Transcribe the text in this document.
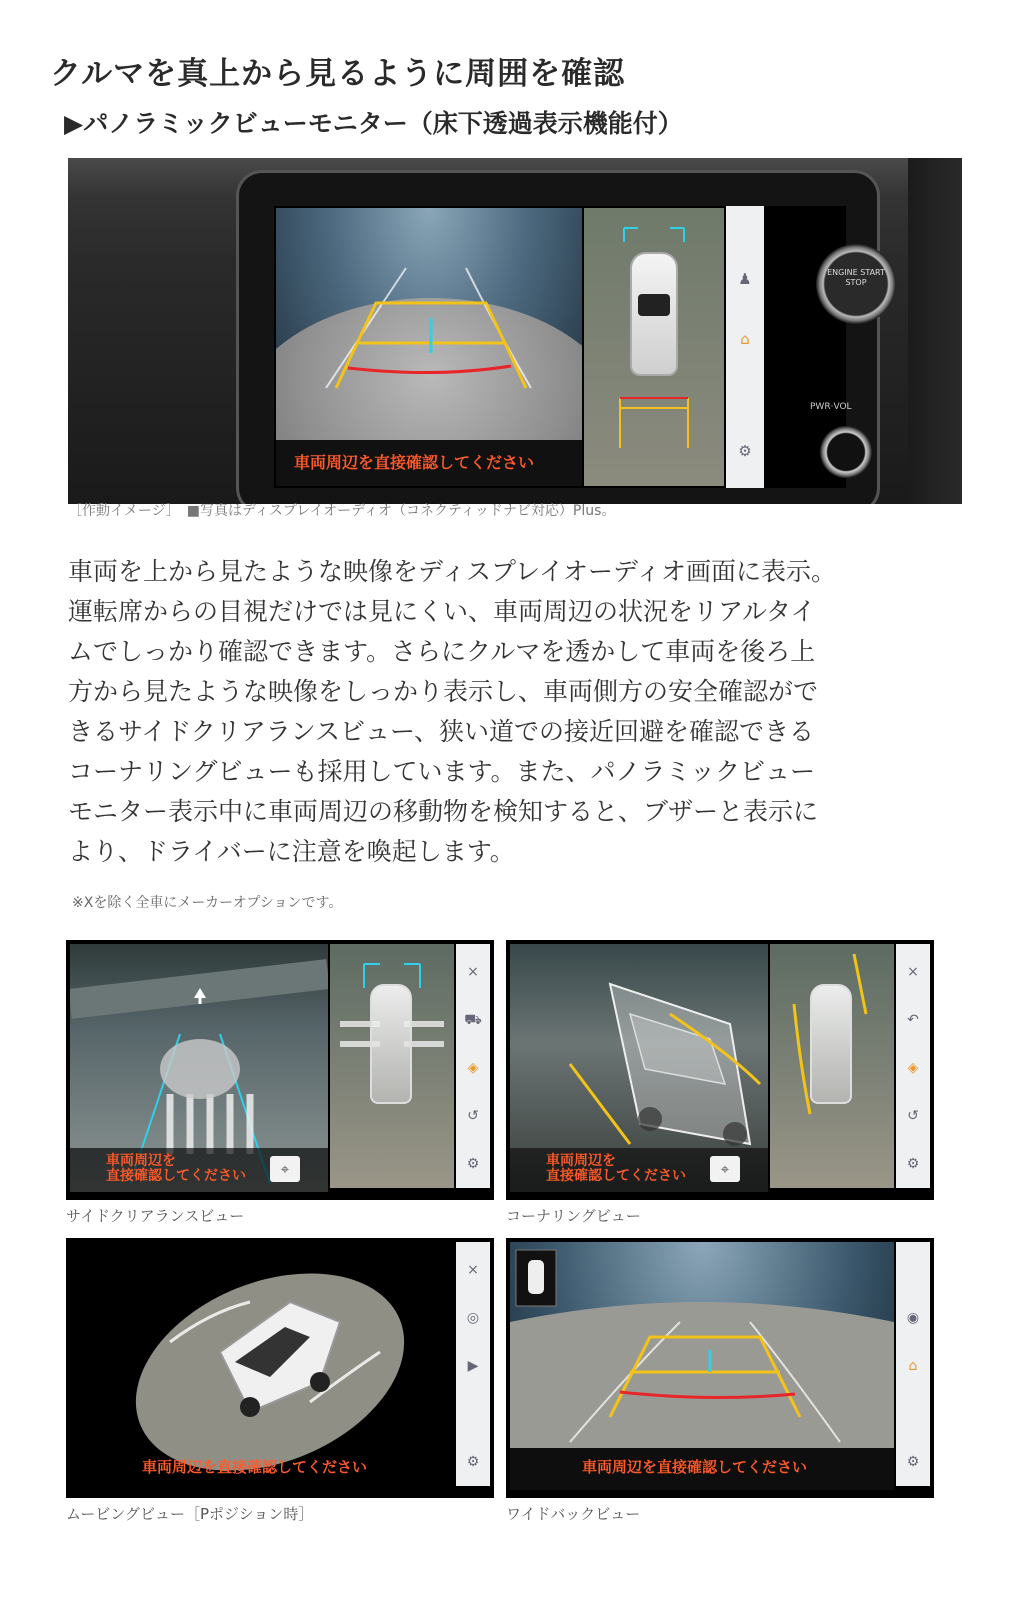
クルマを真上から見るように周囲を確認
▶パノラミックビューモニター（床下透過表示機能付）
車両周辺を直接確認してください
♟
⌂
⚙
ENGINE START STOP
PWR·VOL
［作動イメージ］　■写真はディスプレイオーディオ（コネクティッドナビ対応）Plus。

車両を上から見たような映像をディスプレイオーディオ画面に表示。

運転席からの目視だけでは見にくい、車両周辺の状況をリアルタイ

ムでしっかり確認できます。さらにクルマを透かして車両を後ろ上

方から見たような映像をしっかり表示し、車両側方の安全確認がで

きるサイドクリアランスビュー、狭い道での接近回避を確認できる

コーナリングビューも採用しています。また、パノラミックビュー

モニター表示中に車両周辺の移動物を検知すると、ブザーと表示に

より、ドライバーに注意を喚起します。

※Xを除く全車にメーカーオプションです。
車両周辺を
直接確認してください	⌖
×
⛟
◈
↺
⚙
サイドクリアランスビュー
車両周辺を
直接確認してください	⌖
×
↶
◈
↺
⚙
コーナリングビュー
車両周辺を直接確認してください
×
◎
▶
⚙
ムービングビュー［Pポジション時］
車両周辺を直接確認してください
◉
⌂
⚙
ワイドバックビュー
